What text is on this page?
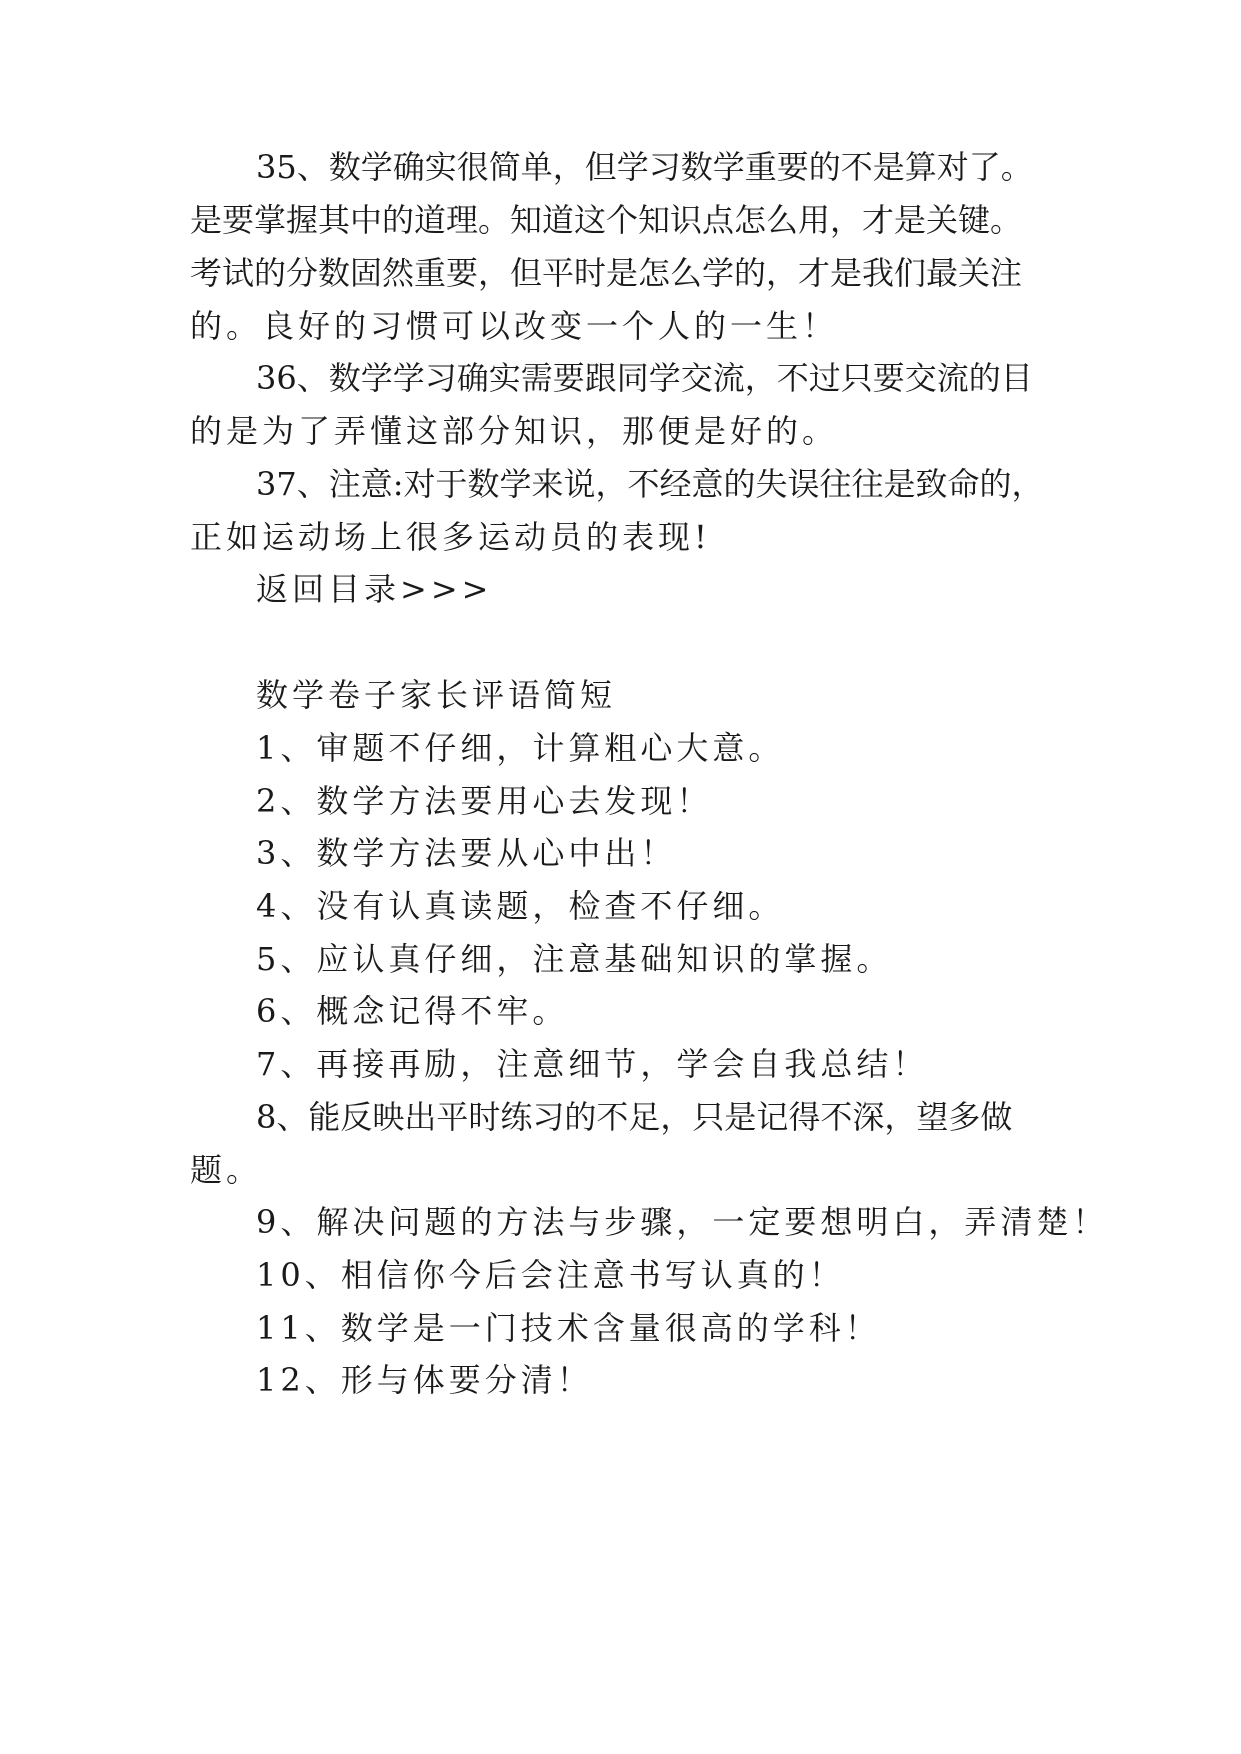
35、数学确实很简单，但学习数学重要的不是算对了。
是要掌握其中的道理。知道这个知识点怎么用，才是关键。
考试的分数固然重要，但平时是怎么学的，才是我们最关注
的。良好的习惯可以改变一个人的一生！
36、数学学习确实需要跟同学交流，不过只要交流的目
的是为了弄懂这部分知识，那便是好的。
37、注意:对于数学来说，不经意的失误往往是致命的，
正如运动场上很多运动员的表现!
返回目录>>>
数学卷子家长评语简短
1、审题不仔细，计算粗心大意。
2、数学方法要用心去发现！
3、数学方法要从心中出！
4、没有认真读题，检查不仔细。
5、应认真仔细，注意基础知识的掌握。
6、概念记得不牢。
7、再接再励，注意细节，学会自我总结！
8、能反映出平时练习的不足，只是记得不深，望多做
题。
9、解决问题的方法与步骤，一定要想明白，弄清楚！
10、相信你今后会注意书写认真的！
11、数学是一门技术含量很高的学科！
12、形与体要分清！
